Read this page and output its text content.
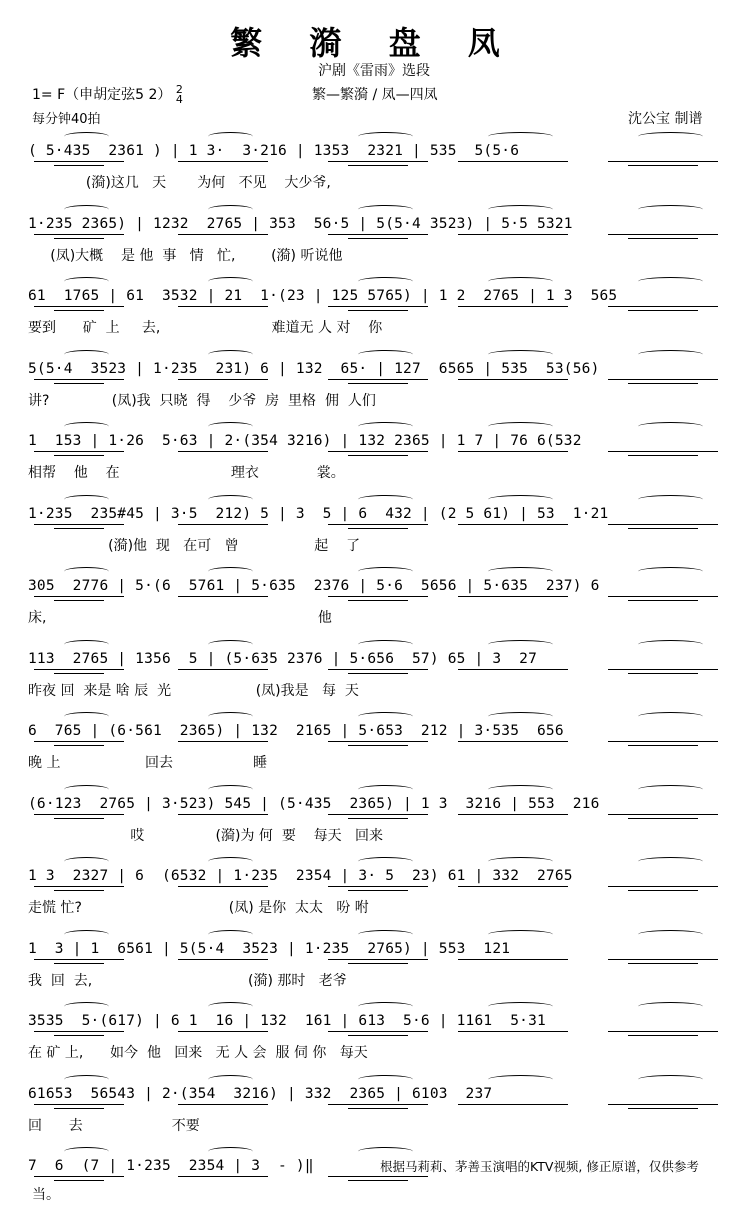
繁 漪 盘 凤
沪剧《雷雨》选段
1= F（申胡定弦5 2） 2
4	繁—繁漪 / 凤—四凤
每分钟40拍	沈公宝 制谱
( 5·435  2361 ) | 1 3·  3·216 | 1353  2321 | 535  5(5·6
(漪)这几   天       为何   不见    大少爷,
1·235 2365) | 1232  2765 | 353  56·5 | 5(5·4 3523) | 5·5 5321
(凤)大概    是 他  事   情   忙,        (漪) 听说他
61  1765 | 61  3532 | 21  1·(23 | 125 5765) | 1 2  2765 | 1 3  565
要到      矿  上     去,                         难道无 人 对    你
5(5·4  3523 | 1·235  231) 6 | 132  65· | 127  6565 | 535  53(56)
讲?              (凤)我  只晓  得    少爷  房  里格  佣  人们
1  153 | 1·26  5·63 | 2·(354 3216) | 132 2365 | 1 7 | 76 6(532
相帮    他    在                         理衣             裳。
1·235  235#45 | 3·5  212) 5 | 3  5 | 6  432 | (2 5 61) | 53  1·21
(漪)他  现   在可   曾                 起    了
305  2776 | 5·(6  5761 | 5·635  2376 | 5·6  5656 | 5·635  237) 6
床,                                                             他
113  2765 | 1356  5 | (5·635 2376 | 5·656  57) 65 | 3  27
昨夜 回  来是 啥 辰  光                   (凤)我是   每  天
6  765 | (6·561  2365) | 132  2165 | 5·653  212 | 3·535  656
晚 上                   回去                  睡
(6·123  2765 | 3·523) 545 | (5·435  2365) | 1 3  3216 | 553  216
哎                (漪)为 何  要    每天   回来
1 3  2327 | 6  (6532 | 1·235  2354 | 3· 5  23) 61 | 332  2765
走慌 忙?                                 (凤) 是你  太太   吩 咐
1  3 | 1  6561 | 5(5·4  3523 | 1·235  2765) | 553  121
我  回  去,                                   (漪) 那时   老爷
3535  5·(617) | 6 1  16 | 132  161 | 613  5·6 | 1161  5·31
在 矿 上,      如今  他   回来   无 人 会  服 伺 你   每天
61653  56543 | 2·(354  3216) | 332  2365 | 6103  237
回      去                    不要
7  6  (7 | 1·235  2354 | 3  - )‖	根据马莉莉、茅善玉演唱的KTV视频, 修正原谱，仅供参考
当。
